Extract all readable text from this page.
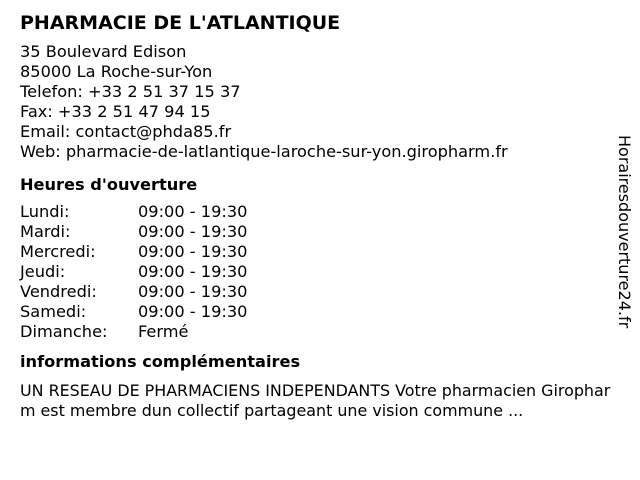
PHARMACIE DE L'ATLANTIQUE
35 Boulevard Edison
85000 La Roche-sur-Yon
Telefon: +33 2 51 37 15 37
Fax: +33 2 51 47 94 15
Email: contact@phda85.fr
Web: pharmacie-de-latlantique-laroche-sur-yon.giropharm.fr
Heures d'ouverture
Lundi:	09:00 - 19:30
Mardi:	09:00 - 19:30
Mercredi:	09:00 - 19:30
Jeudi:	09:00 - 19:30
Vendredi:	09:00 - 19:30
Samedi:	09:00 - 19:30
Dimanche:	Fermé
informations complémentaires
UN RESEAU DE PHARMACIENS INDEPENDANTS Votre pharmacien Giropharm est membre dun collectif partageant une vision commune ...
Horairesdouverture24.fr
